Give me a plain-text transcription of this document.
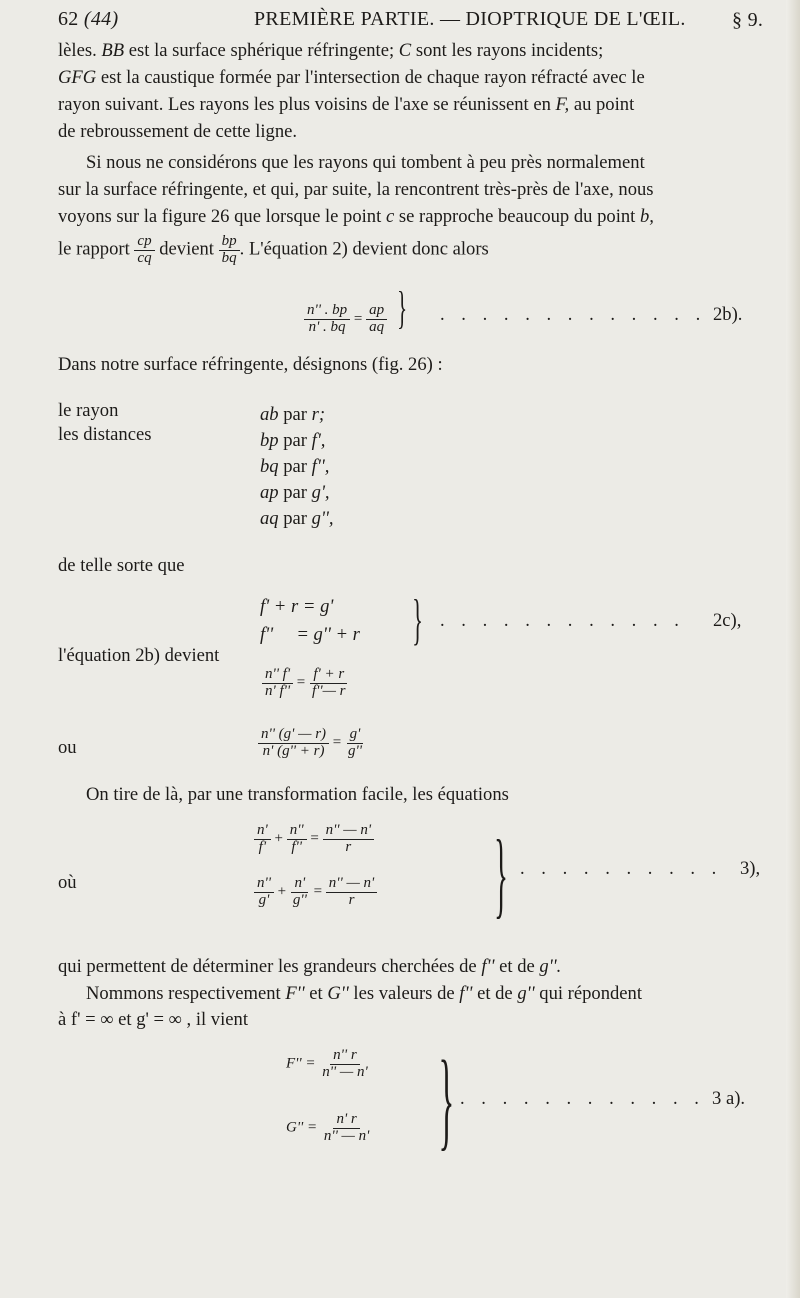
62 (44)	PREMIÈRE PARTIE. — DIOPTRIQUE DE L'ŒIL. § 9.
lèles. BB est la surface sphérique réfringente; C sont les rayons incidents;
GFG est la caustique formée par l'intersection de chaque rayon réfracté avec le
rayon suivant. Les rayons les plus voisins de l'axe se réunissent en F, au point
de rebroussement de cette ligne.
Si nous ne considérons que les rayons qui tombent à peu près normalement
sur la surface réfringente, et qui, par suite, la rencontrent très-près de l'axe, nous
voyons sur la figure 26 que lorsque le point c se rapproche beaucoup du point b,
le rapport $\frac{cp}{cq}$ devient $\frac{bp}{bq}$ . L'équation 2) devient donc alors
$\frac{n'' . bp}{n' . bq} = \frac{ap}{aq}$ }	. . . . . . . . . . . . . 2b).
Dans notre surface réfringente, désignons (fig. 26) :
le rayon
les distances
ab par r;
bp par f',
bq par f'',
ap par g',
aq par g'',
de telle sorte que
f' + r = g'
f''     = g'' + r } . . . . . . . . . . . . 2c),
l'équation 2b) devient
$\frac{n'' f'}{n' f''} = \frac{f' + r}{f''— r}$
ou	$\frac{n'' (g' — r)}{n' (g'' + r)} = \frac{g'}{g''}$
On tire de là, par une transformation facile, les équations
$\frac{n'}{f'} + \frac{n''}{f''} = \frac{n'' — n'}{r}$
$\frac{n''}{g'} + \frac{n'}{g''} = \frac{n'' — n'}{r}$ }
où
. . . . . . . . . . 3),
qui permettent de déterminer les grandeurs cherchées de f'' et de g''.
Nommons respectivement F'' et G'' les valeurs de f'' et de g'' qui répondent
à f' = ∞ et g' = ∞ , il vient
$F'' = \frac{n'' r}{n'' — n'}$
$G'' = \frac{n' r}{n'' — n'}$ } . . . . . . . . . . . . 3 a).
